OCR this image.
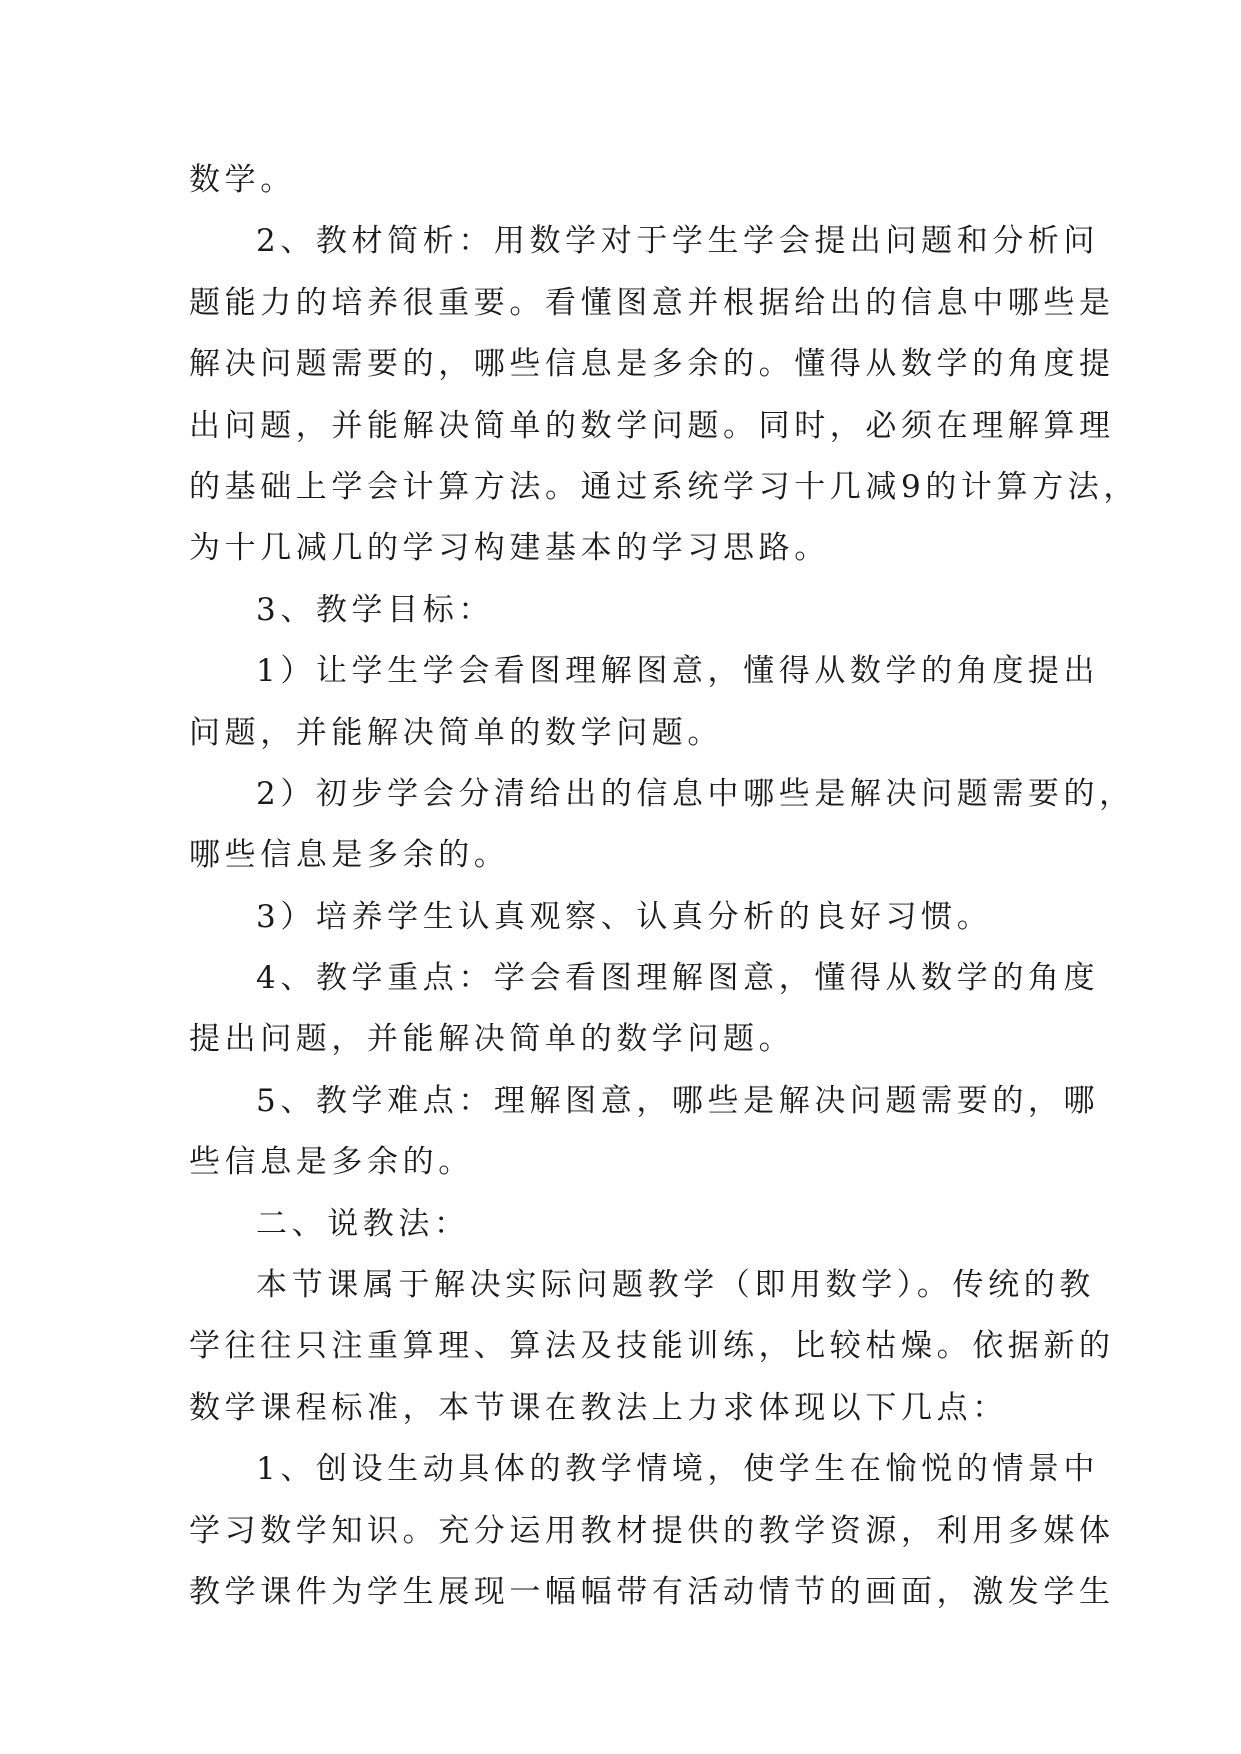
数学。
2、教材简析：用数学对于学生学会提出问题和分析问
题能力的培养很重要。看懂图意并根据给出的信息中哪些是
解决问题需要的，哪些信息是多余的。懂得从数学的角度提
出问题，并能解决简单的数学问题。同时，必须在理解算理
的基础上学会计算方法。通过系统学习十几减9的计算方法，
为十几减几的学习构建基本的学习思路。
3、教学目标：
1）让学生学会看图理解图意，懂得从数学的角度提出
问题，并能解决简单的数学问题。
2）初步学会分清给出的信息中哪些是解决问题需要的，
哪些信息是多余的。
3）培养学生认真观察、认真分析的良好习惯。
4、教学重点：学会看图理解图意，懂得从数学的角度
提出问题，并能解决简单的数学问题。
5、教学难点：理解图意，哪些是解决问题需要的，哪
些信息是多余的。
二、说教法：
本节课属于解决实际问题教学（即用数学）。传统的教
学往往只注重算理、算法及技能训练，比较枯燥。依据新的
数学课程标准，本节课在教法上力求体现以下几点：
1、创设生动具体的教学情境，使学生在愉悦的情景中
学习数学知识。充分运用教材提供的教学资源，利用多媒体
教学课件为学生展现一幅幅带有活动情节的画面，激发学生
